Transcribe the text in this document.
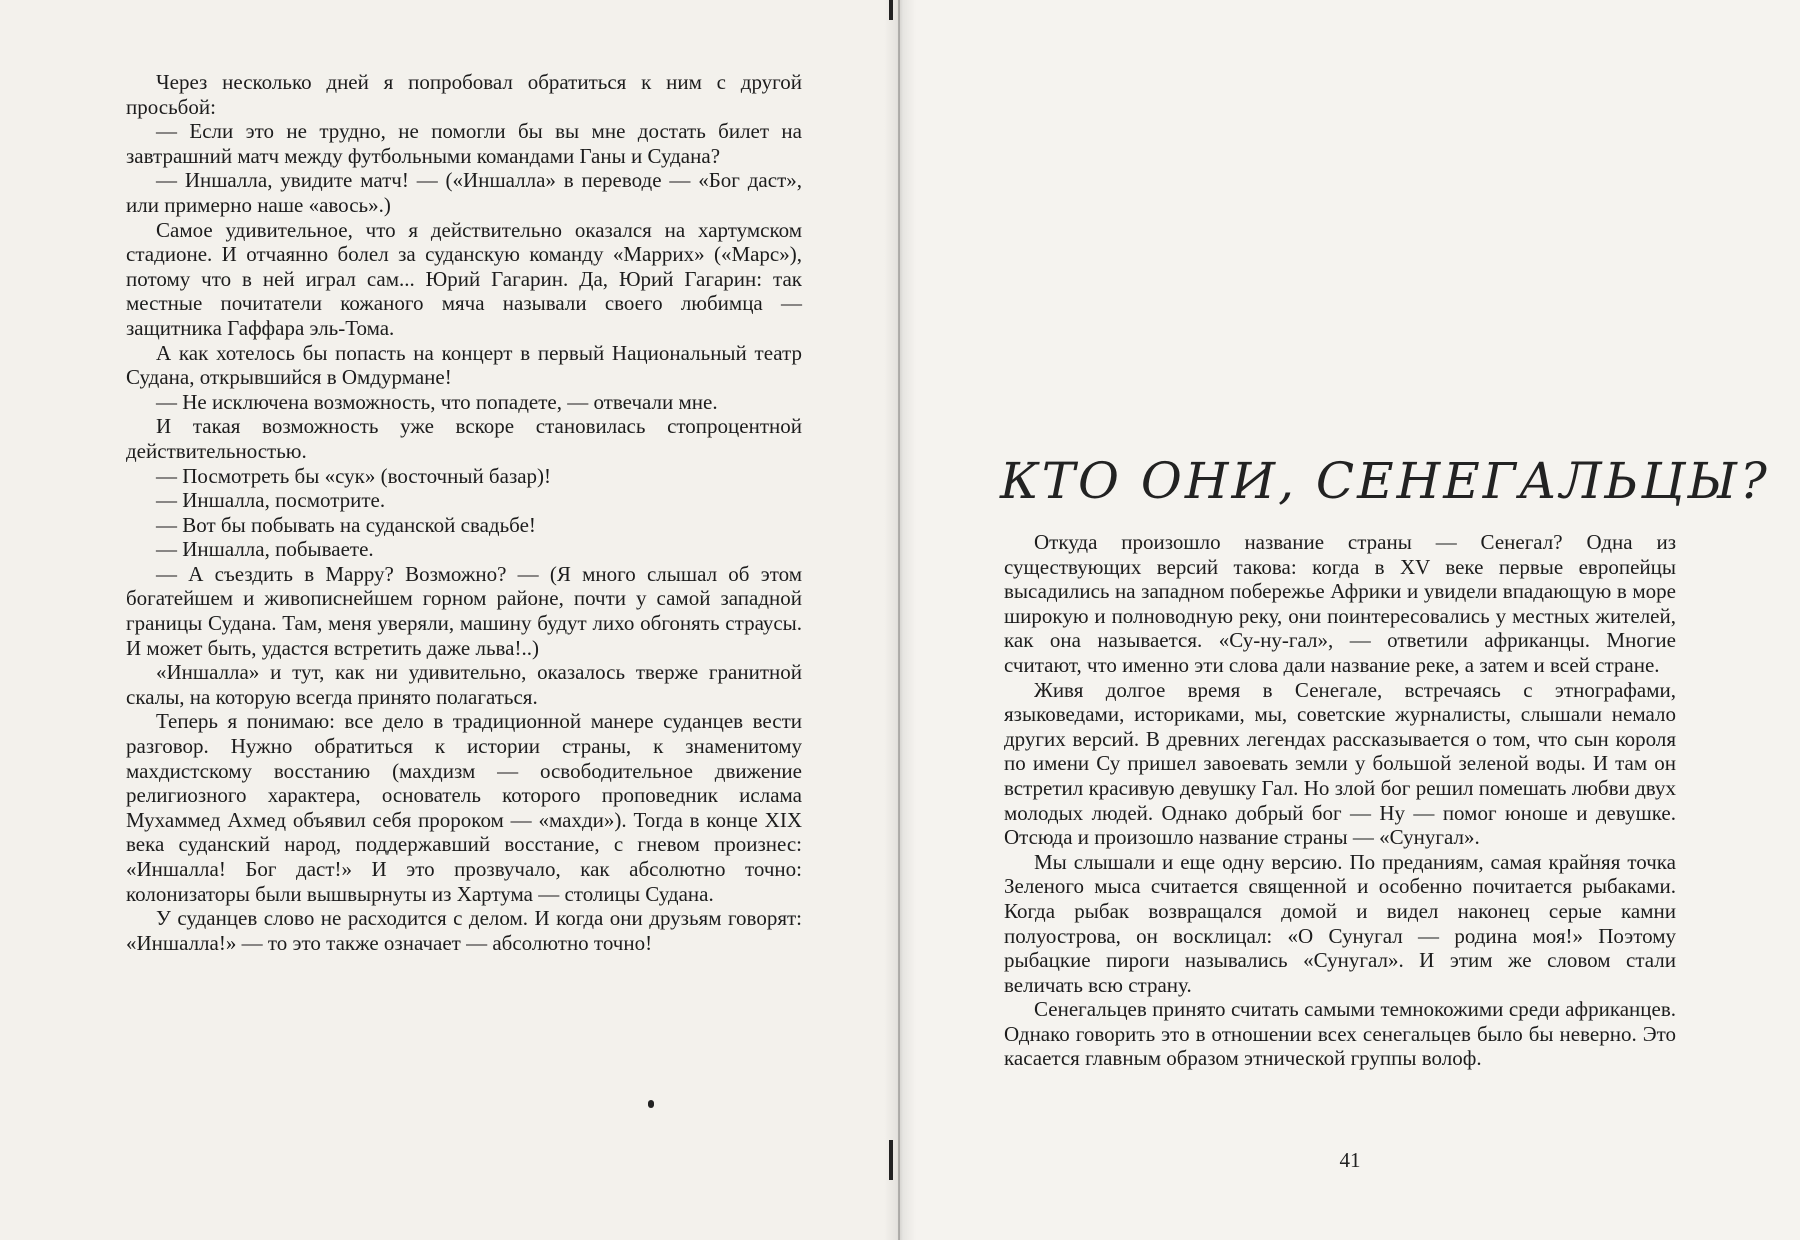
Через несколько дней я попробовал обратиться к ним с другой просьбой:

— Если это не трудно, не помогли бы вы мне достать билет на завтрашний матч между футбольными командами Ганы и Судана?

— Иншалла, увидите матч! — («Иншалла» в переводе — «Бог даст», или примерно наше «авось».)

Самое удивительное, что я действительно оказался на хартумском стадионе. И отчаянно болел за суданскую команду «Маррих» («Марс»), потому что в ней играл сам... Юрий Гагарин. Да, Юрий Гагарин: так местные почитатели кожаного мяча называли своего любимца — защитника Гаффара эль-Тома.

А как хотелось бы попасть на концерт в первый Национальный театр Судана, открывшийся в Омдурмане!

— Не исключена возможность, что попадете, — отвечали мне.

И такая возможность уже вскоре становилась стопроцентной действительностью.

— Посмотреть бы «сук» (восточный базар)!

— Иншалла, посмотрите.

— Вот бы побывать на суданской свадьбе!

— Иншалла, побываете.

— А съездить в Марру? Возможно? — (Я много слышал об этом богатейшем и живописнейшем горном районе, почти у самой западной границы Судана. Там, меня уверяли, машину будут лихо обгонять страусы. И может быть, удастся встретить даже льва!..)

«Иншалла» и тут, как ни удивительно, оказалось тверже гранитной скалы, на которую всегда принято полагаться.

Теперь я понимаю: все дело в традиционной манере суданцев вести разговор. Нужно обратиться к истории страны, к знаменитому махдистскому восстанию (махдизм — освободительное движение религиозного характера, основатель которого проповедник ислама Мухаммед Ахмед объявил себя пророком — «махди»). Тогда в конце XIX века суданский народ, поддержавший восстание, с гневом произнес: «Иншалла! Бог даст!» И это прозвучало, как абсолютно точно: колонизаторы были вышвырнуты из Хартума — столицы Судана.

У суданцев слово не расходится с делом. И когда они друзьям говорят: «Иншалла!» — то это также означает — абсолютно точно!

КТО ОНИ, СЕНЕГАЛЬЦЫ?

Откуда произошло название страны — Сенегал? Одна из существующих версий такова: когда в XV веке первые европейцы высадились на западном побережье Африки и увидели впадающую в море широкую и полноводную реку, они поинтересовались у местных жителей, как она называется. «Су-ну-гал», — ответили африканцы. Многие считают, что именно эти слова дали название реке, а затем и всей стране.

Живя долгое время в Сенегале, встречаясь с этнографами, языковедами, историками, мы, советские журналисты, слышали немало других версий. В древних легендах рассказывается о том, что сын короля по имени Су пришел завоевать земли у большой зеленой воды. И там он встретил красивую девушку Гал. Но злой бог решил помешать любви двух молодых людей. Однако добрый бог — Ну — помог юноше и девушке. Отсюда и произошло название страны — «Сунугал».

Мы слышали и еще одну версию. По преданиям, самая крайняя точка Зеленого мыса считается священной и особенно почитается рыбаками. Когда рыбак возвращался домой и видел наконец серые камни полуострова, он восклицал: «О Сунугал — родина моя!» Поэтому рыбацкие пироги назывались «Сунугал». И этим же словом стали величать всю страну.

Сенегальцев принято считать самыми темнокожими среди африканцев. Однако говорить это в отношении всех сенегальцев было бы неверно. Это касается главным образом этнической группы волоф.

41
